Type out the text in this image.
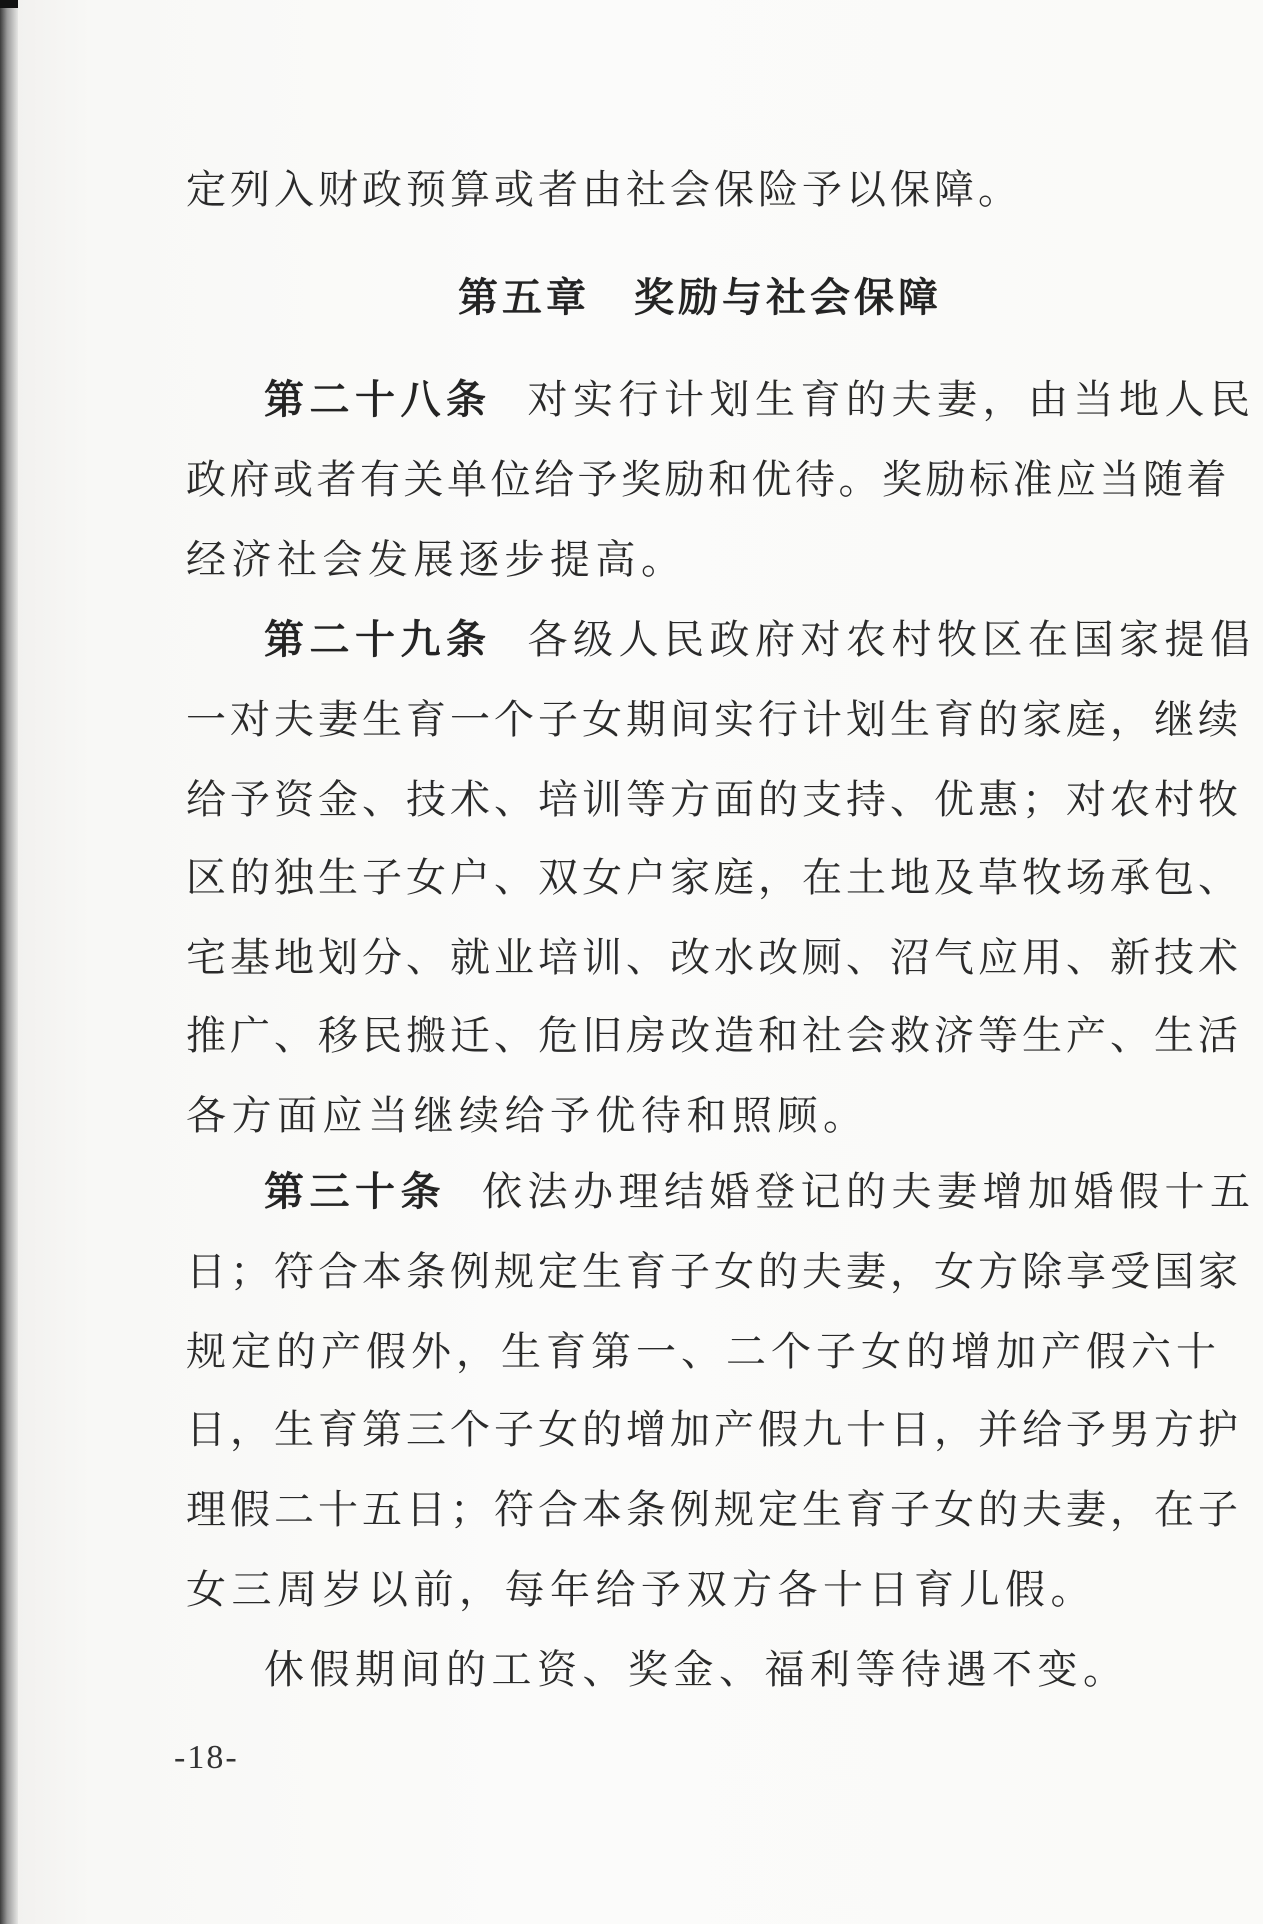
定列入财政预算或者由社会保险予以保障。
第五章　奖励与社会保障
第二十八条 对实行计划生育的夫妻，由当地人民
政府或者有关单位给予奖励和优待。奖励标准应当随着
经济社会发展逐步提高。
第二十九条 各级人民政府对农村牧区在国家提倡
一对夫妻生育一个子女期间实行计划生育的家庭，继续
给予资金、技术、培训等方面的支持、优惠；对农村牧
区的独生子女户、双女户家庭，在土地及草牧场承包、
宅基地划分、就业培训、改水改厕、沼气应用、新技术
推广、移民搬迁、危旧房改造和社会救济等生产、生活
各方面应当继续给予优待和照顾。
第三十条 依法办理结婚登记的夫妻增加婚假十五
日；符合本条例规定生育子女的夫妻，女方除享受国家
规定的产假外，生育第一、二个子女的增加产假六十
日，生育第三个子女的增加产假九十日，并给予男方护
理假二十五日；符合本条例规定生育子女的夫妻，在子
女三周岁以前，每年给予双方各十日育儿假。
休假期间的工资、奖金、福利等待遇不变。
-18-
